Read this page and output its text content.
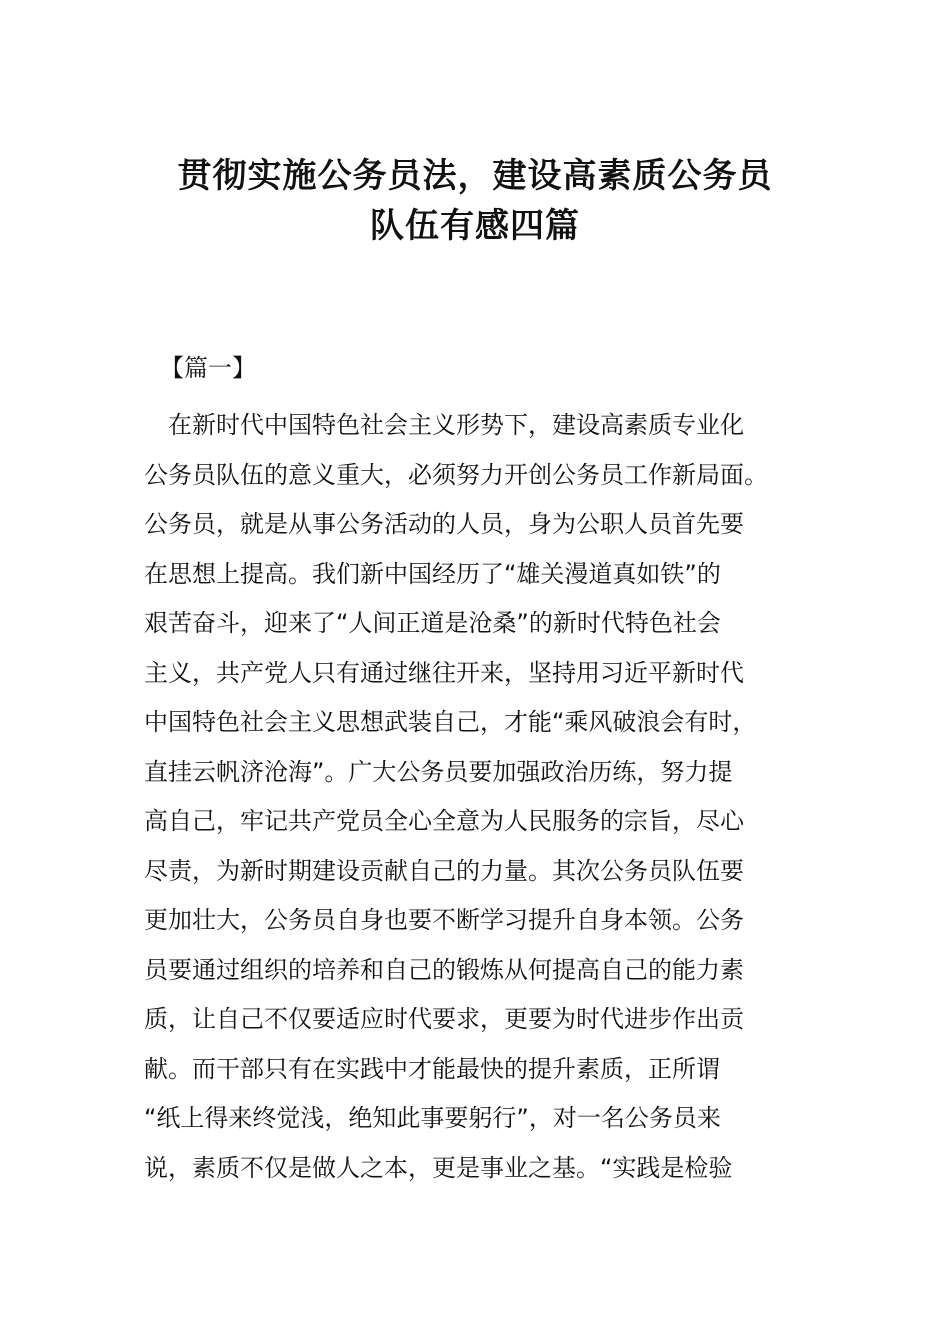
贯彻实施公务员法，建设高素质公务员
队伍有感四篇
【篇一】
　在新时代中国特色社会主义形势下，建设高素质专业化
公务员队伍的意义重大，必须努力开创公务员工作新局面。
公务员，就是从事公务活动的人员，身为公职人员首先要
在思想上提高。我们新中国经历了“雄关漫道真如铁”的
艰苦奋斗，迎来了“人间正道是沧桑”的新时代特色社会
主义，共产党人只有通过继往开来，坚持用习近平新时代
中国特色社会主义思想武装自己，才能“乘风破浪会有时，
直挂云帆济沧海”。广大公务员要加强政治历练，努力提
高自己，牢记共产党员全心全意为人民服务的宗旨，尽心
尽责，为新时期建设贡献自己的力量。其次公务员队伍要
更加壮大，公务员自身也要不断学习提升自身本领。公务
员要通过组织的培养和自己的锻炼从何提高自己的能力素
质，让自己不仅要适应时代要求，更要为时代进步作出贡
献。而干部只有在实践中才能最快的提升素质，正所谓
“纸上得来终觉浅，绝知此事要躬行”，对一名公务员来
说，素质不仅是做人之本，更是事业之基。“实践是检验
